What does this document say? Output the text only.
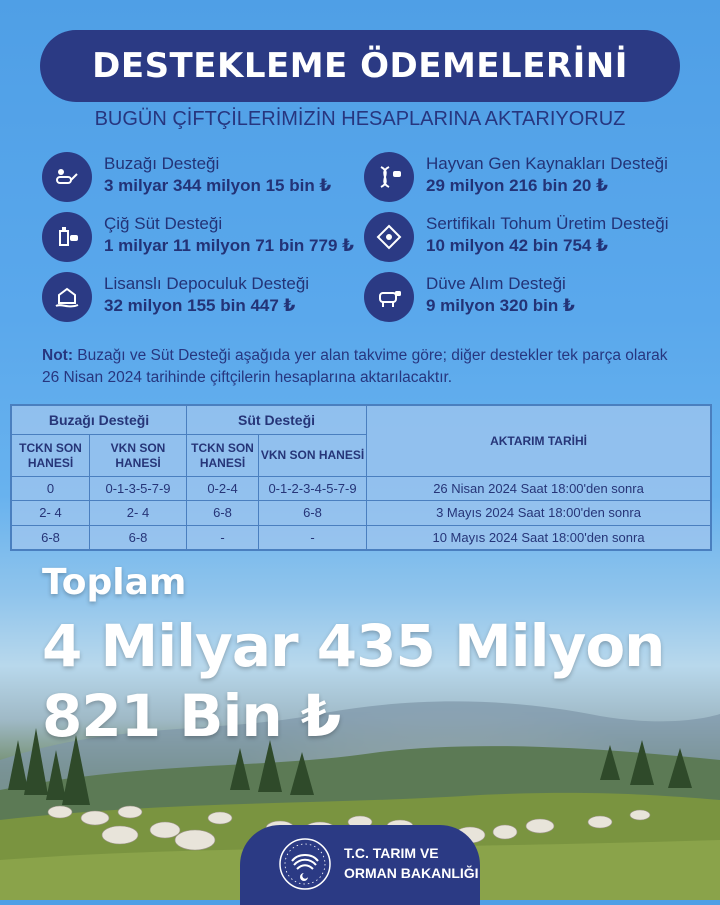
DESTEKLEME ÖDEMELERİNİ
BUGÜN ÇİFTÇİLERİMİZİN HESAPLARINA AKTARIYORUZ
Buzağı Desteği
3 milyar 344 milyon 15 bin ₺
Hayvan Gen Kaynakları Desteği
29 milyon 216 bin 20 ₺
Çiğ Süt Desteği
1 milyar 11 milyon 71 bin 779 ₺
Sertifikalı Tohum Üretim Desteği
10 milyon 42 bin 754 ₺
Lisanslı Depoculuk Desteği
32 milyon 155 bin 447 ₺
Düve Alım Desteği
9 milyon 320 bin ₺
Not: Buzağı ve Süt Desteği aşağıda yer alan takvime göre; diğer destekler tek parça olarak 26 Nisan 2024 tarihinde çiftçilerin hesaplarına aktarılacaktır.
Buzağı Desteği		Süt Desteği		AKTARIM TARİHİ
TCKN SON HANESİ	VKN SON HANESİ	TCKN SON HANESİ	VKN SON HANESİ	
0	0-1-3-5-7-9	0-2-4	0-1-2-3-4-5-7-9	26 Nisan 2024 Saat 18:00'den sonra
2- 4	2- 4	6-8	6-8	3 Mayıs 2024 Saat 18:00'den sonra
6-8	6-8	-	-	10 Mayıs 2024 Saat 18:00'den sonra
Toplam
4 Milyar 435 Milyon
821 Bin ₺
T.C. TARIM VE
ORMAN BAKANLIĞI
